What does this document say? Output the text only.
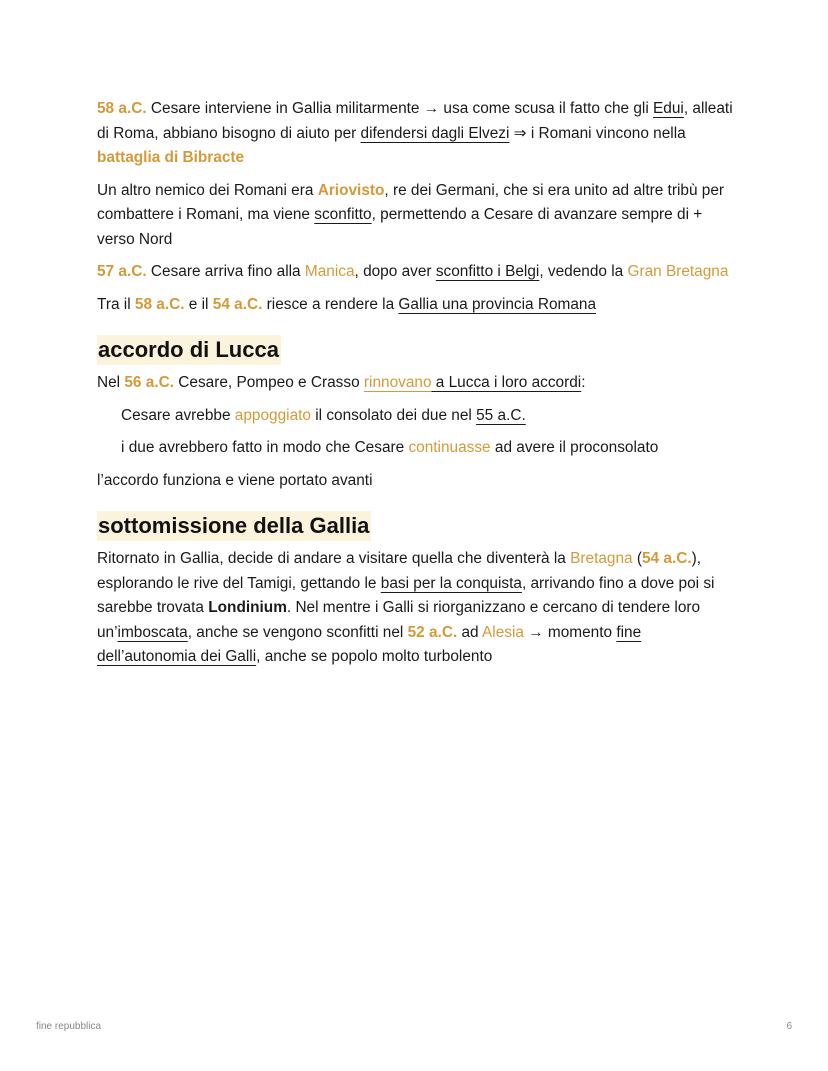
58 a.C. Cesare interviene in Gallia militarmente → usa come scusa il fatto che gli Edui, alleati di Roma, abbiano bisogno di aiuto per difendersi dagli Elvezi ⇒ i Romani vincono nella battaglia di Bibracte

Un altro nemico dei Romani era Ariovisto, re dei Germani, che si era unito ad altre tribù per combattere i Romani, ma viene sconfitto, permettendo a Cesare di avanzare sempre di + verso Nord

57 a.C. Cesare arriva fino alla Manica, dopo aver sconfitto i Belgi, vedendo la Gran Bretagna

Tra il 58 a.C. e il 54 a.C. riesce a rendere la Gallia una provincia Romana

accordo di Lucca

Nel 56 a.C. Cesare, Pompeo e Crasso rinnovano a Lucca i loro accordi:

Cesare avrebbe appoggiato il consolato dei due nel 55 a.C.

i due avrebbero fatto in modo che Cesare continuasse ad avere il proconsolato

l’accordo funziona e viene portato avanti

sottomissione della Gallia

Ritornato in Gallia, decide di andare a visitare quella che diventerà la Bretagna (54 a.C.), esplorando le rive del Tamigi, gettando le basi per la conquista, arrivando fino a dove poi si sarebbe trovata Londinium. Nel mentre i Galli si riorganizzano e cercano di tendere loro un’imboscata, anche se vengono sconfitti nel 52 a.C. ad Alesia → momento fine dell’autonomia dei Galli, anche se popolo molto turbolento

fine repubblica	6
